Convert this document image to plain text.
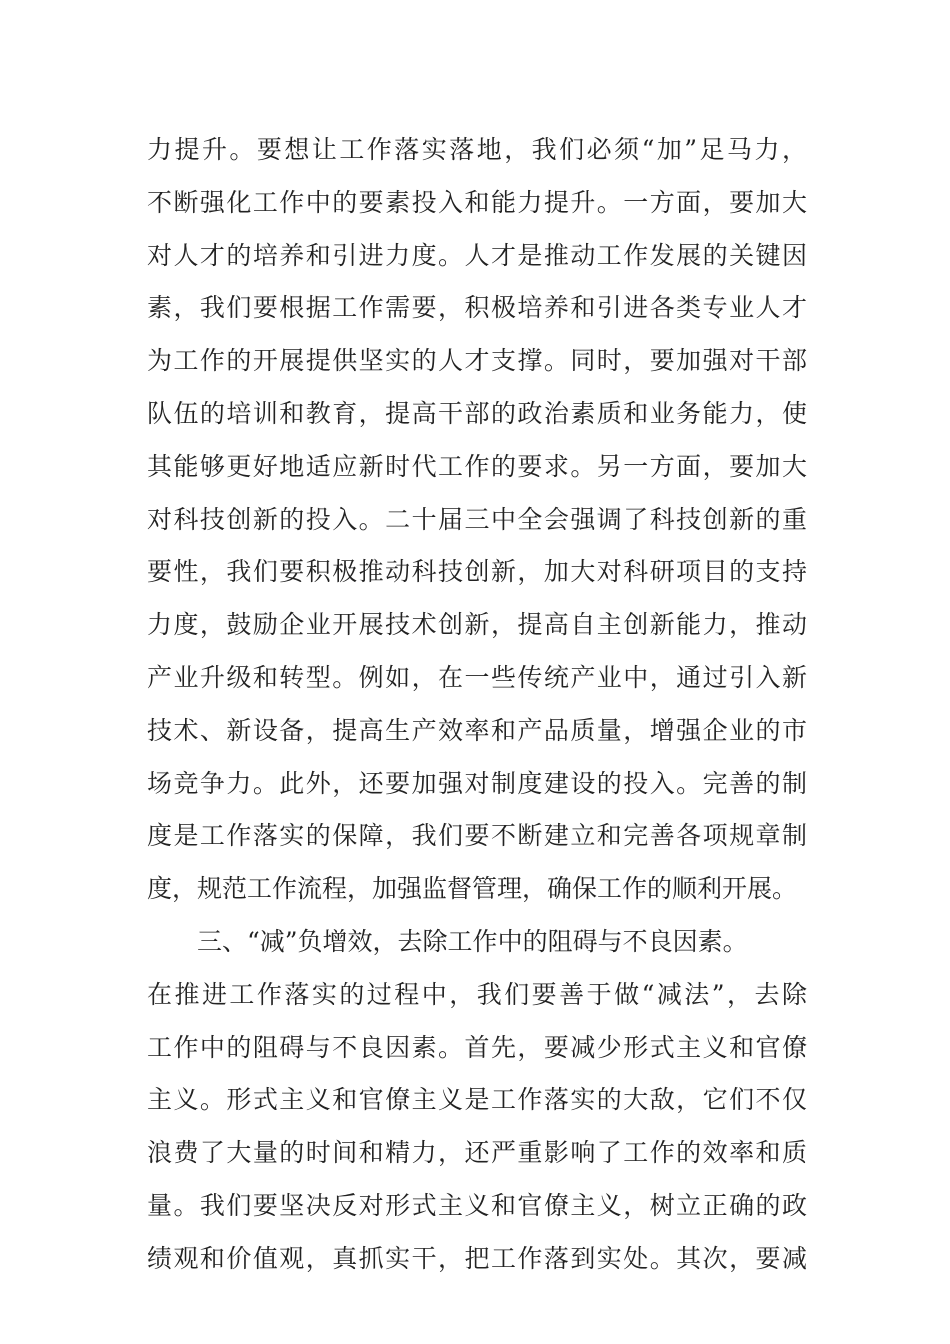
力提升。要想让工作落实落地，我们必须“加”足马力，
不断强化工作中的要素投入和能力提升。一方面，要加大
对人才的培养和引进力度。人才是推动工作发展的关键因
素，我们要根据工作需要，积极培养和引进各类专业人才
为工作的开展提供坚实的人才支撑。同时，要加强对干部
队伍的培训和教育，提高干部的政治素质和业务能力，使
其能够更好地适应新时代工作的要求。另一方面，要加大
对科技创新的投入。二十届三中全会强调了科技创新的重
要性，我们要积极推动科技创新，加大对科研项目的支持
力度，鼓励企业开展技术创新，提高自主创新能力，推动
产业升级和转型。例如，在一些传统产业中，通过引入新
技术、新设备，提高生产效率和产品质量，增强企业的市
场竞争力。此外，还要加强对制度建设的投入。完善的制
度是工作落实的保障，我们要不断建立和完善各项规章制
度，规范工作流程，加强监督管理，确保工作的顺利开展。
三、“减”负增效，去除工作中的阻碍与不良因素。
在推进工作落实的过程中，我们要善于做“减法”，去除
工作中的阻碍与不良因素。首先，要减少形式主义和官僚
主义。形式主义和官僚主义是工作落实的大敌，它们不仅
浪费了大量的时间和精力，还严重影响了工作的效率和质
量。我们要坚决反对形式主义和官僚主义，树立正确的政
绩观和价值观，真抓实干，把工作落到实处。其次，要减
